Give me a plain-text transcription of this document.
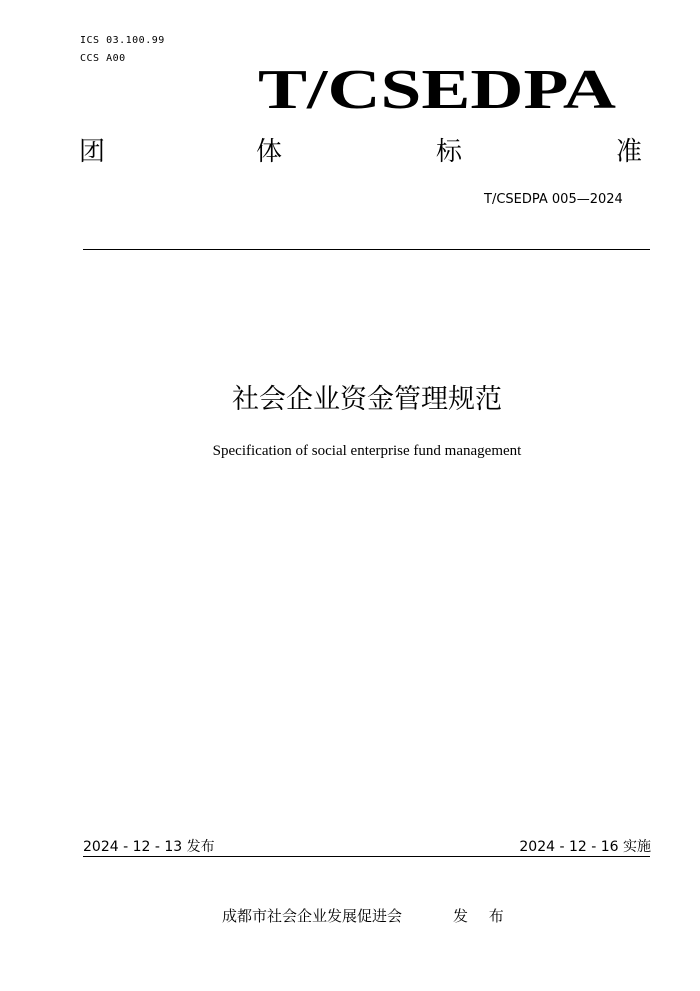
ICS 03.100.99
CCS A00
T/CSEDPA
团	体	标	准
T/CSEDPA 005—2024
社会企业资金管理规范
Specification of social enterprise fund management
2024 - 12 - 13 发布	2024 - 12 - 16 实施
成都市社会企业发展促进会	发 布
